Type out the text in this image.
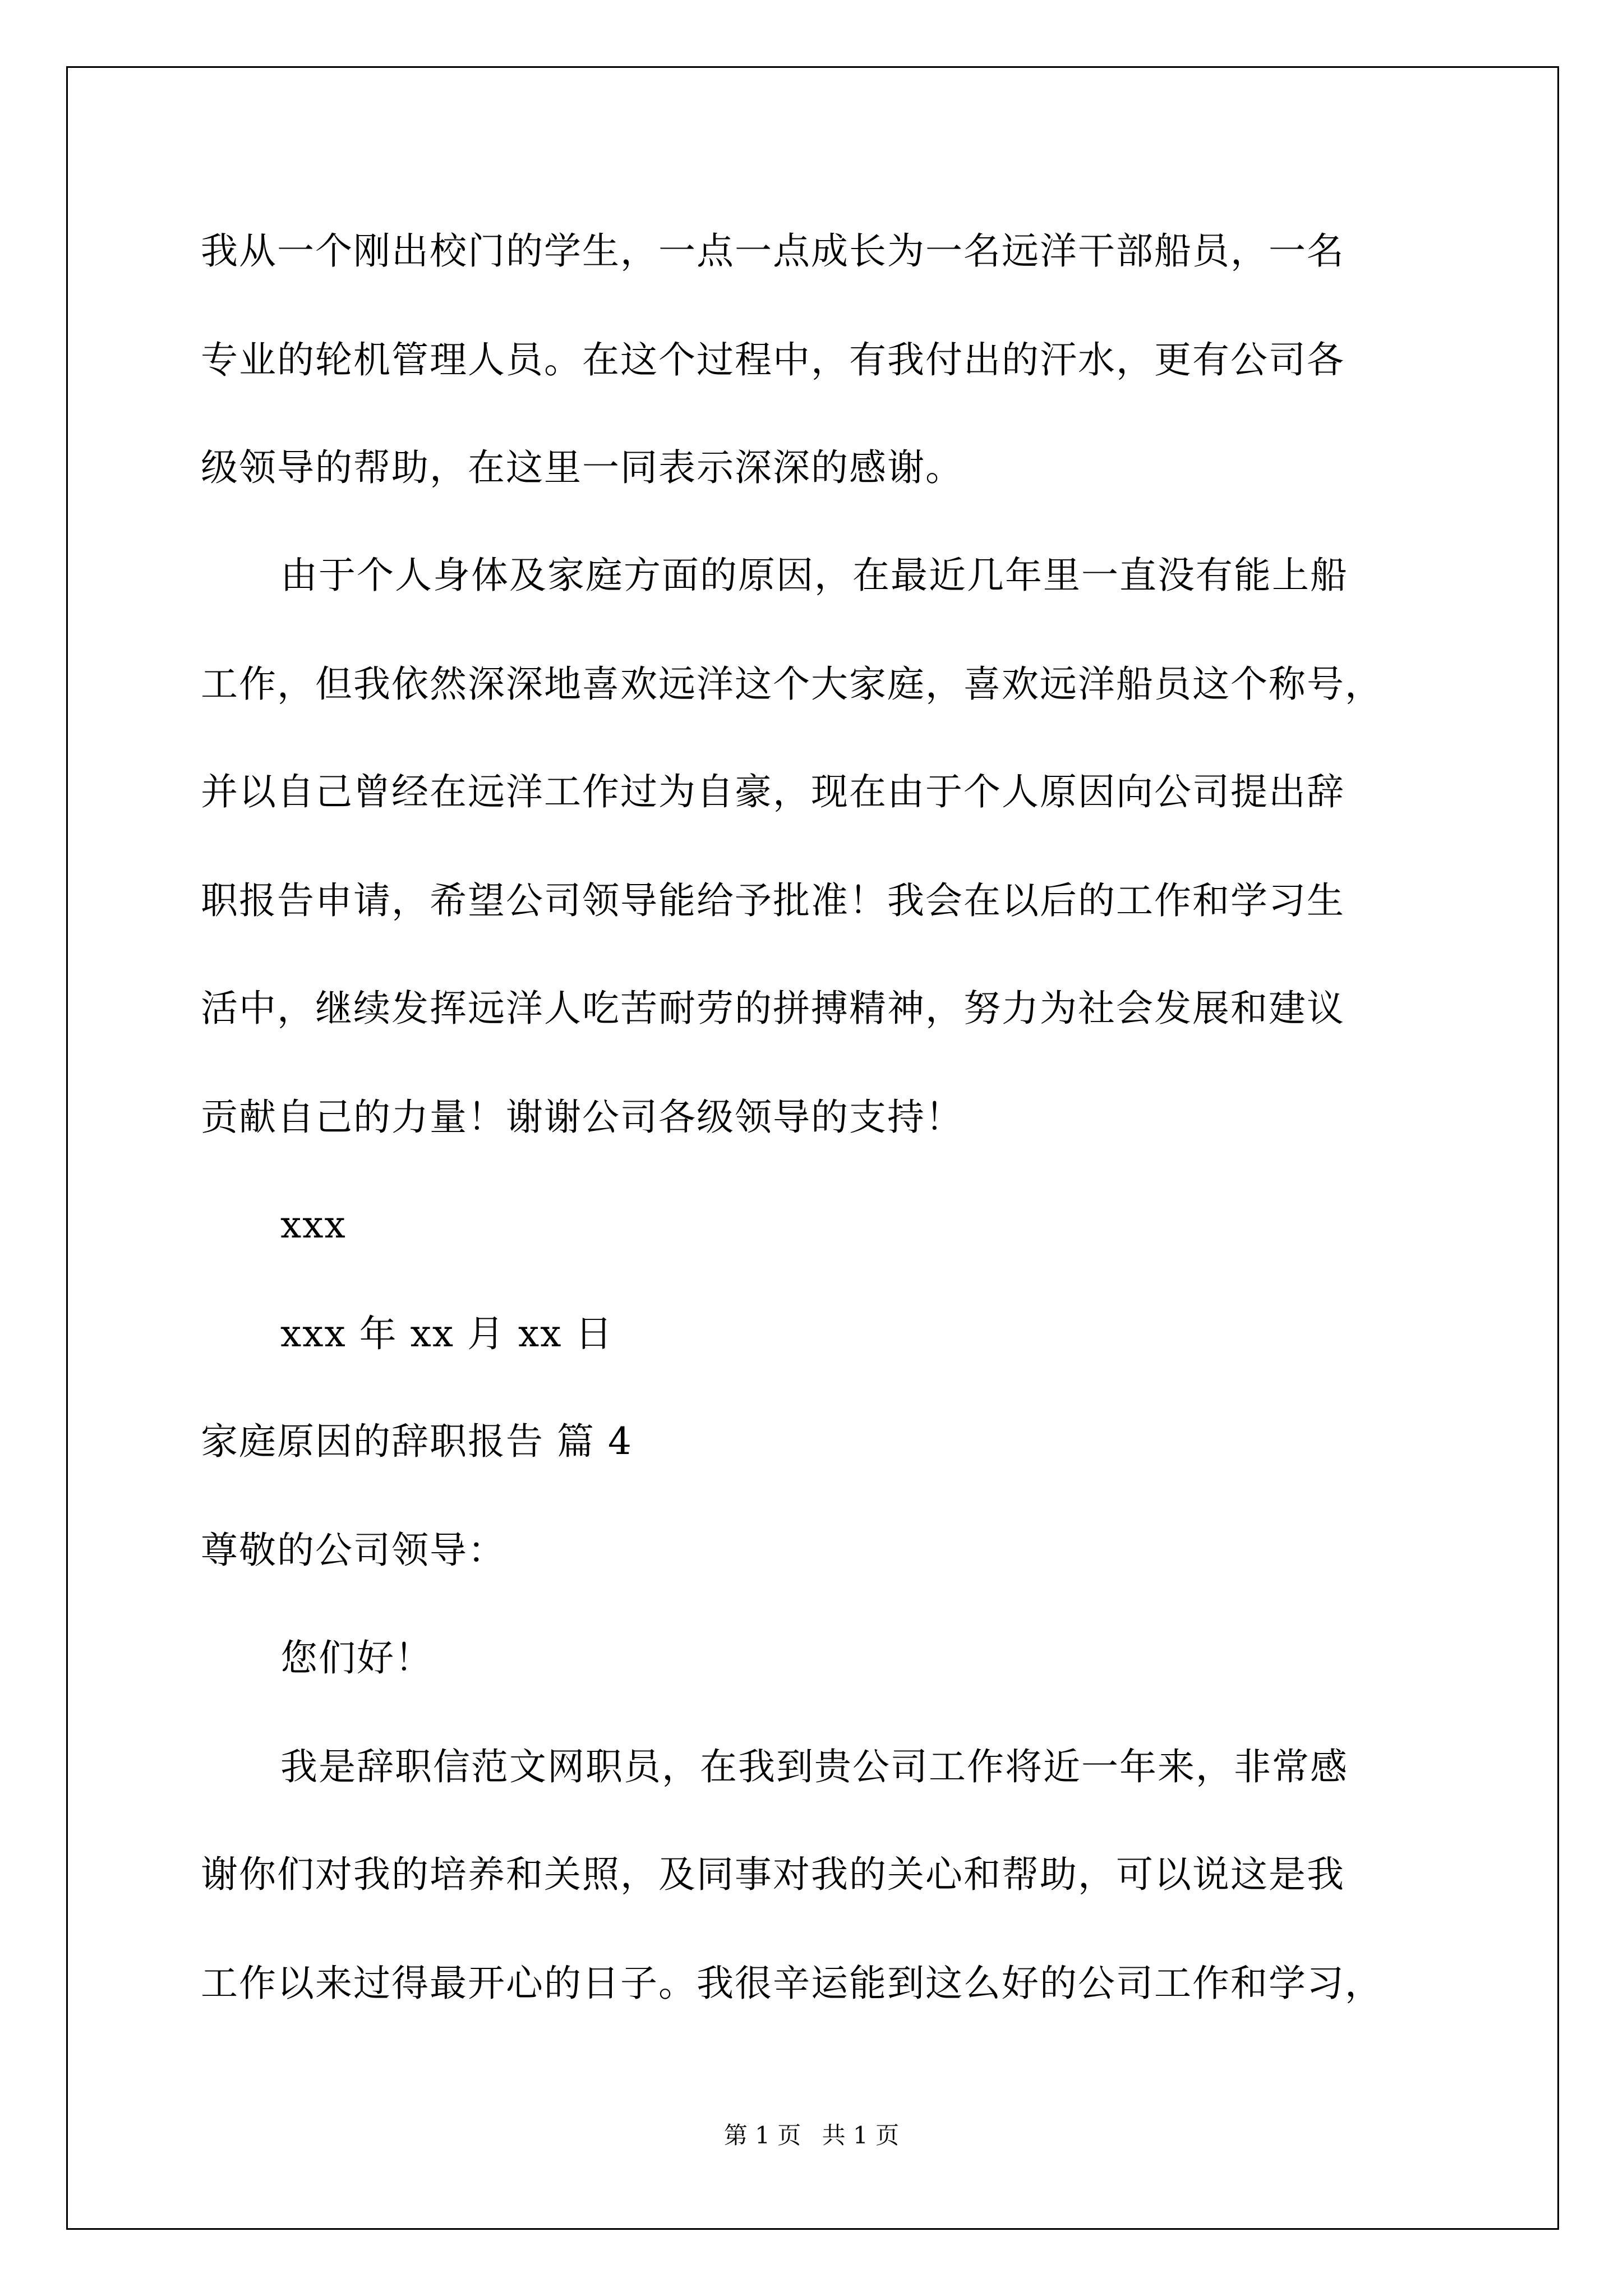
我从一个刚出校门的学生，一点一点成长为一名远洋干部船员，一名
专业的轮机管理人员。在这个过程中，有我付出的汗水，更有公司各
级领导的帮助，在这里一同表示深深的感谢。
由于个人身体及家庭方面的原因，在最近几年里一直没有能上船
工作，但我依然深深地喜欢远洋这个大家庭，喜欢远洋船员这个称号，
并以自己曾经在远洋工作过为自豪，现在由于个人原因向公司提出辞
职报告申请，希望公司领导能给予批准！我会在以后的工作和学习生
活中，继续发挥远洋人吃苦耐劳的拼搏精神，努力为社会发展和建议
贡献自己的力量！谢谢公司各级领导的支持！
xxx
xxx 年 xx 月 xx 日
家庭原因的辞职报告 篇 4
尊敬的公司领导：
您们好！
我是辞职信范文网职员，在我到贵公司工作将近一年来，非常感
谢你们对我的培养和关照，及同事对我的关心和帮助，可以说这是我
工作以来过得最开心的日子。我很辛运能到这么好的公司工作和学习，
第 1 页 共 1 页
